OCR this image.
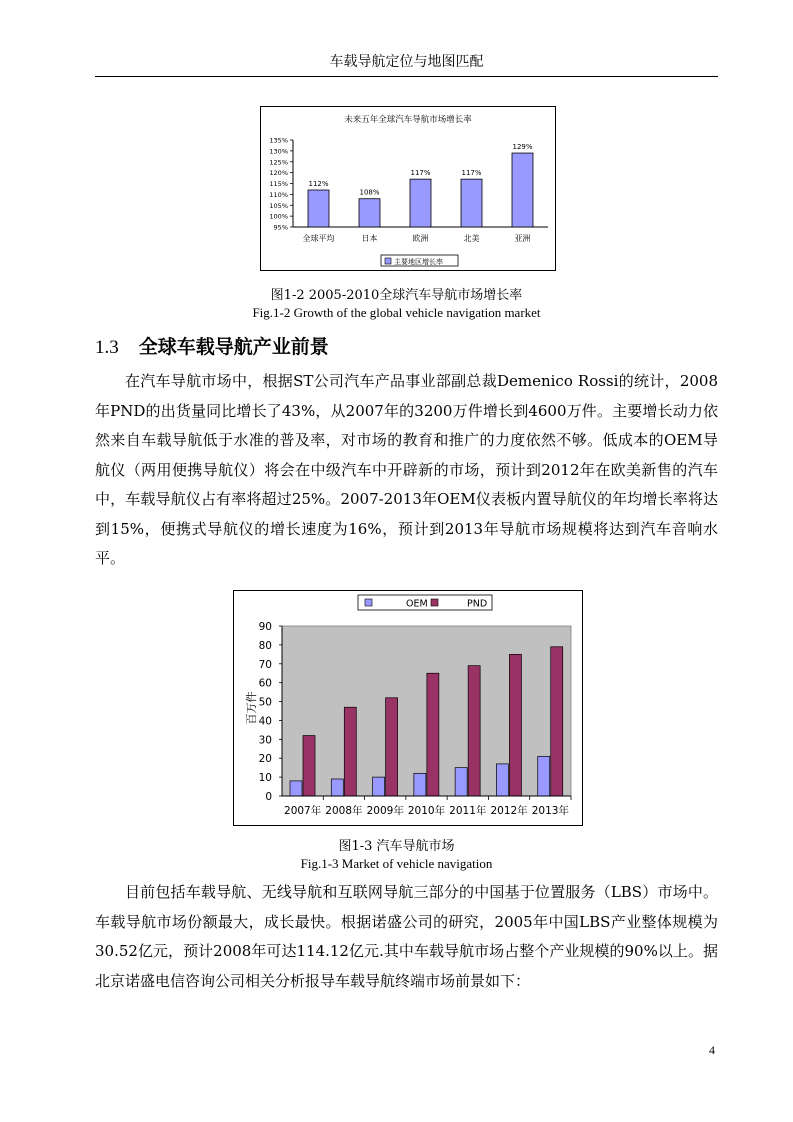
车载导航定位与地图匹配
未来五年全球汽车导航市场增长率
95%
100%
105%
110%
115%
120%
125%
130%
135%
112%
全球平均
108%
日本
117%
欧洲
117%
北美
129%
亚洲
主要地区增长率
图1-2 2005-2010全球汽车导航市场增长率
Fig.1-2 Growth of the global vehicle navigation market
1.3 全球车载导航产业前景

在汽车导航市场中，根据ST公司汽车产品事业部副总裁Demenico Rossi的统计，2008年PND的出货量同比增长了43%，从2007年的3200万件增长到4600万件。主要增长动力依然来自车载导航低于水准的普及率，对市场的教育和推广的力度依然不够。低成本的OEM导航仪（两用便携导航仪）将会在中级汽车中开辟新的市场，预计到2012年在欧美新售的汽车中，车载导航仪占有率将超过25%。2007-2013年OEM仪表板内置导航仪的年均增长率将达到15%，便携式导航仪的增长速度为16%，预计到2013年导航市场规模将达到汽车音响水平。

百万件
0
10
20
30
40
50
60
70
80
90
2007年 2008年 2009年 2010年 2011年 2012年 2013年
OEM	PND
图1-3 汽车导航市场
Fig.1-3 Market of vehicle navigation

目前包括车载导航、无线导航和互联网导航三部分的中国基于位置服务（LBS）市场中。车载导航市场份额最大，成长最快。根据诺盛公司的研究，2005年中国LBS产业整体规模为30.52亿元，预计2008年可达114.12亿元.其中车载导航市场占整个产业规模的90%以上。据北京诺盛电信咨询公司相关分析报导车载导航终端市场前景如下：

4
